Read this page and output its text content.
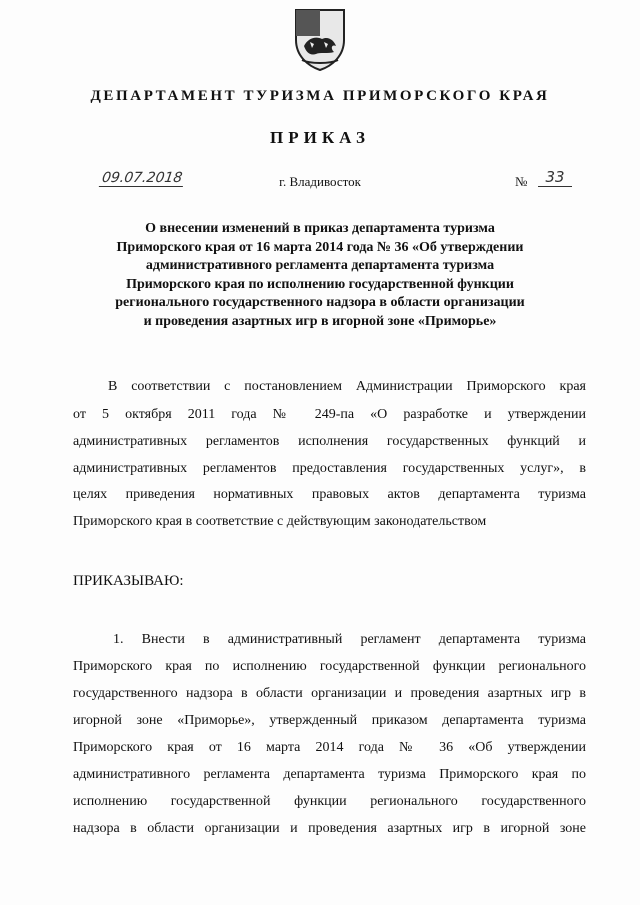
ДЕПАРТАМЕНТ ТУРИЗМА ПРИМОРСКОГО КРАЯ
ПРИКАЗ
09.07.2018	г. Владивосток	№	33
О внесении изменений в приказ департамента туризма Приморского края от 16 марта 2014 года № 36 «Об утверждении административного регламента департамента туризма Приморского края по исполнению государственной функции регионального государственного надзора в области организации и проведения азартных игр в игорной зоне «Приморье»
В соответствии с постановлением Администрации Приморского края
от 5 октября 2011 года № 249-па «О разработке и утверждении
административных регламентов исполнения государственных функций и
административных регламентов предоставления государственных услуг», в
целях приведения нормативных правовых актов департамента туризма
Приморского края в соответствие с действующим законодательством
ПРИКАЗЫВАЮ:
1. Внести в административный регламент департамента туризма
Приморского края по исполнению государственной функции регионального
государственного надзора в области организации и проведения азартных игр в
игорной зоне «Приморье», утвержденный приказом департамента туризма
Приморского края от 16 марта 2014 года № 36 «Об утверждении
административного регламента департамента туризма Приморского края по
исполнению государственной функции регионального государственного
надзора в области организации и проведения азартных игр в игорной зоне
